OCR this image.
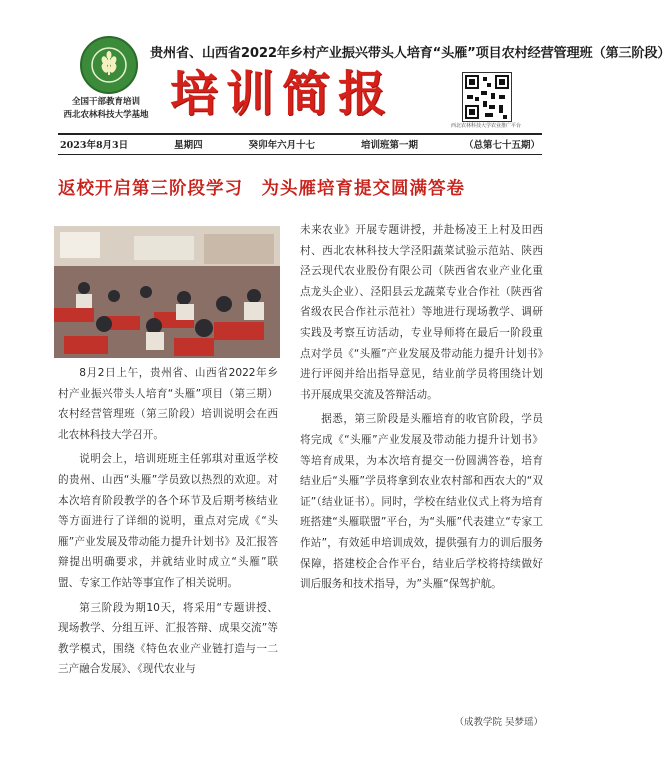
全国干部教育培训
西北农林科技大学基地
贵州省、山西省2022年乡村产业振兴带头人培育“头雁”项目农村经营管理班（第三阶段）
培训简报
西北农林科技大学农业推广平台
2023年8月3日	星期四	癸卯年六月十七	培训班第一期	（总第七十五期）
返校开启第三阶段学习　为头雁培育提交圆满答卷

8月2日上午，贵州省、山西省2022年乡村产业振兴带头人培育“头雁”项目（第三期）农村经营管理班（第三阶段）培训说明会在西北农林科技大学召开。

说明会上，培训班班主任郭琪对重返学校的贵州、山西“头雁”学员致以热烈的欢迎。对本次培育阶段教学的各个环节及后期考核结业等方面进行了详细的说明，重点对完成《“头雁”产业发展及带动能力提升计划书》及汇报答辩提出明确要求，并就结业时成立“头雁”联盟、专家工作站等事宜作了相关说明。

第三阶段为期10天，将采用“专题讲授、现场教学、分组互评、汇报答辩、成果交流”等教学模式，围绕《特色农业产业链打造与一二三产融合发展》、《现代农业与

未来农业》开展专题讲授，并赴杨凌王上村及田西村、西北农林科技大学泾阳蔬菜试验示范站、陕西泾云现代农业股份有限公司（陕西省农业产业化重点龙头企业）、泾阳县云龙蔬菜专业合作社（陕西省省级农民合作社示范社）等地进行现场教学、调研实践及考察互访活动，专业导师将在最后一阶段重点对学员《“头雁”产业发展及带动能力提升计划书》进行评阅并给出指导意见，结业前学员将围绕计划书开展成果交流及答辩活动。

据悉，第三阶段是头雁培育的收官阶段，学员将完成《“头雁”产业发展及带动能力提升计划书》等培育成果，为本次培育提交一份圆满答卷，培育结业后“头雁”学员将拿到农业农村部和西农大的“双证”（结业证书）。同时，学校在结业仪式上将为培育班搭建“头雁联盟”平台，为“头雁”代表建立“专家工作站”，有效延申培训成效，提供强有力的训后服务保障，搭建校企合作平台，结业后学校将持续做好训后服务和技术指导，为”头雁“保驾护航。

（成教学院 吴梦瑶）
